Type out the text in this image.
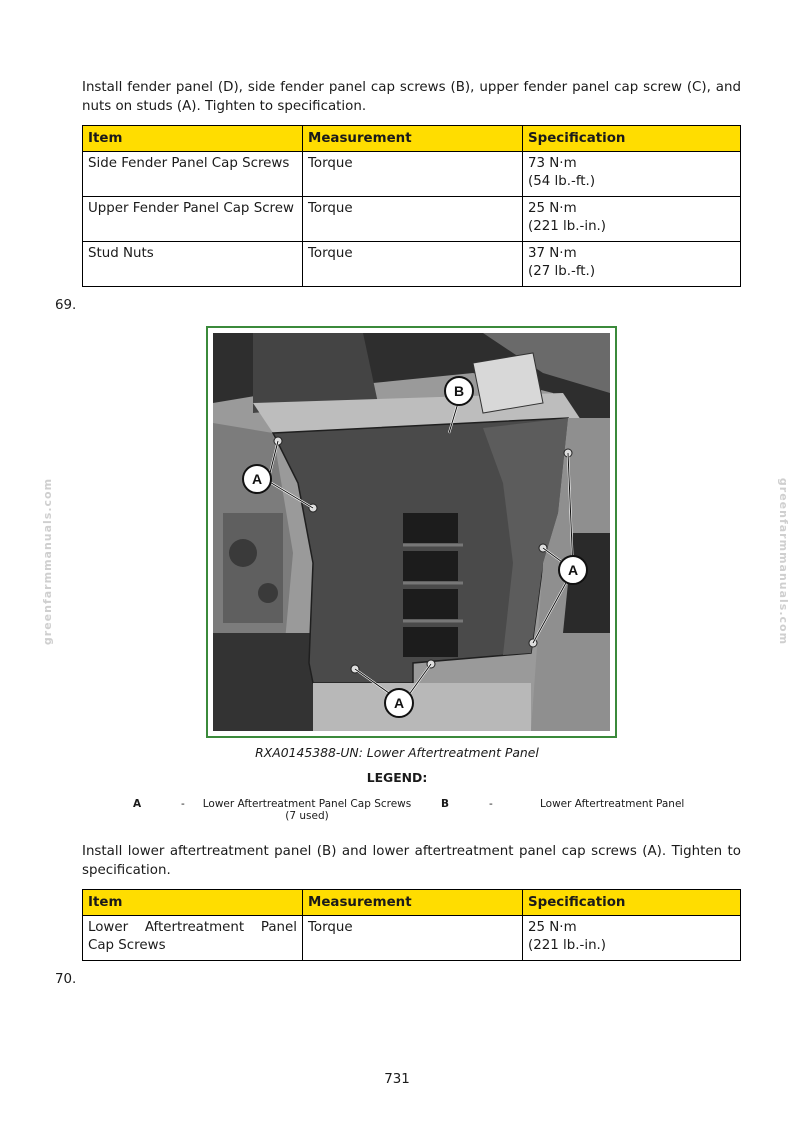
Install fender panel (D), side fender panel cap screws (B), upper fender panel cap screw (C), and nuts on studs (A). Tighten to specification.

Item	Measurement	Specification
Side Fender Panel Cap Screws	Torque	73 N·m
(54 lb.-ft.)
Upper Fender Panel Cap Screw	Torque	25 N·m
(221 lb.-in.)
Stud Nuts	Torque	37 N·m
(27 lb.-ft.)
69.
A
A
A
B
RXA0145388-UN: Lower Aftertreatment Panel
LEGEND:
A	- Lower Aftertreatment Panel Cap Screws
(7 used)
B	-	Lower Aftertreatment Panel

Install lower aftertreatment panel (B) and lower aftertreatment panel cap screws (A). Tighten to specification.

Item	Measurement	Specification
Lower Aftertreatment Panel Cap Screws	Torque	25 N·m
(221 lb.-in.)
70.
greenfarmmanuals.com	greenfarmmanuals.com
731
